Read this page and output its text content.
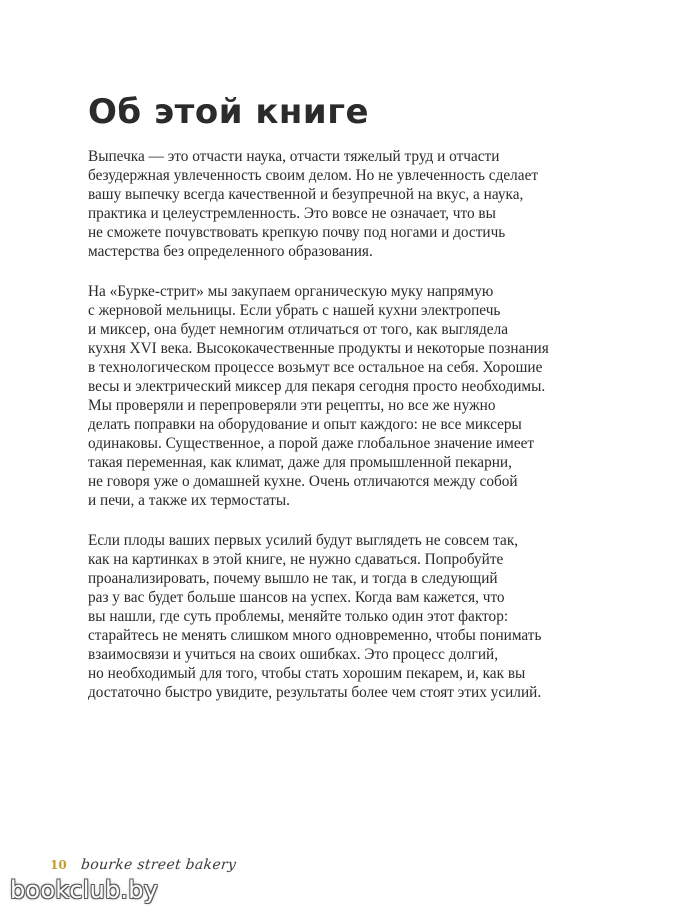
Об этой книге

Выпечка — это отчасти наука, отчасти тяжелый труд и отчасти
безудержная увлеченность своим делом. Но не увлеченность сделает
вашу выпечку всегда качественной и безупречной на вкус, а наука,
практика и целеустремленность. Это вовсе не означает, что вы
не сможете почувствовать крепкую почву под ногами и достичь
мастерства без определенного образования.

На «Бурке-стрит» мы закупаем органическую муку напрямую
с жерновой мельницы. Если убрать с нашей кухни электропечь
и миксер, она будет немногим отличаться от того, как выглядела
кухня XVI века. Высококачественные продукты и некоторые познания
в технологическом процессе возьмут все остальное на себя. Хорошие
весы и электрический миксер для пекаря сегодня просто необходимы.
Мы проверяли и перепроверяли эти рецепты, но все же нужно
делать поправки на оборудование и опыт каждого: не все миксеры
одинаковы. Существенное, а порой даже глобальное значение имеет
такая переменная, как климат, даже для промышленной пекарни,
не говоря уже о домашней кухне. Очень отличаются между собой
и печи, а также их термостаты.

Если плоды ваших первых усилий будут выглядеть не совсем так,
как на картинках в этой книге, не нужно сдаваться. Попробуйте
проанализировать, почему вышло не так, и тогда в следующий
раз у вас будет больше шансов на успех. Когда вам кажется, что
вы нашли, где суть проблемы, меняйте только один этот фактор:
старайтесь не менять слишком много одновременно, чтобы понимать
взаимосвязи и учиться на своих ошибках. Это процесс долгий,
но необходимый для того, чтобы стать хорошим пекарем, и, как вы
достаточно быстро увидите, результаты более чем стоят этих усилий.

10 bourke street bakery
bookclub.by
